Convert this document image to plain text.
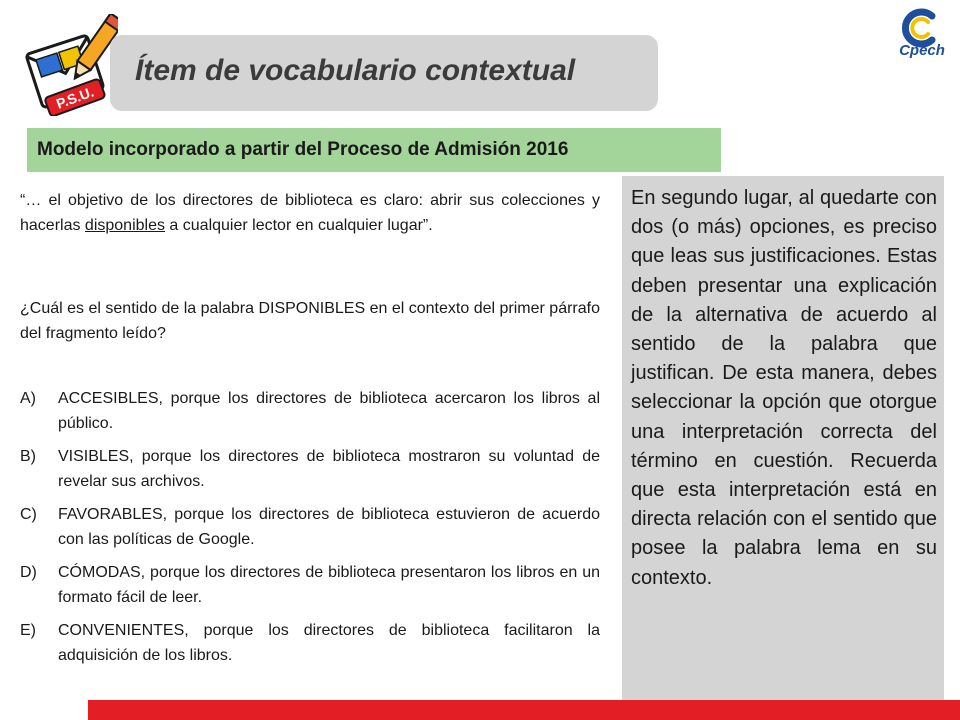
P.S.U.
Ítem de vocabulario contextual
Cpech
Modelo incorporado a partir del Proceso de Admisión 2016

“… el objetivo de los directores de biblioteca es claro: abrir sus colecciones y hacerlas disponibles a cualquier lector en cualquier lugar”.

¿Cuál es el sentido de la palabra DISPONIBLES en el contexto del primer párrafo del fragmento leído?

A)	ACCESIBLES, porque los directores de biblioteca acercaron los libros al público.
B)	VISIBLES, porque los directores de biblioteca mostraron su voluntad de revelar sus archivos.
C)	FAVORABLES, porque los directores de biblioteca estuvieron de acuerdo con las políticas de Google.
D)	CÓMODAS, porque los directores de biblioteca presentaron los libros en un formato fácil de leer.
E)	CONVENIENTES, porque los directores de biblioteca facilitaron la adquisición de los libros.

En segundo lugar, al quedarte con dos (o más) opciones, es preciso que leas sus justificaciones. Estas deben presentar una explicación de la alternativa de acuerdo al sentido de la palabra que justifican. De esta manera, debes seleccionar la opción que otorgue una interpretación correcta del término en cuestión. Recuerda que esta interpretación está en directa relación con el sentido que posee la palabra lema en su contexto.
